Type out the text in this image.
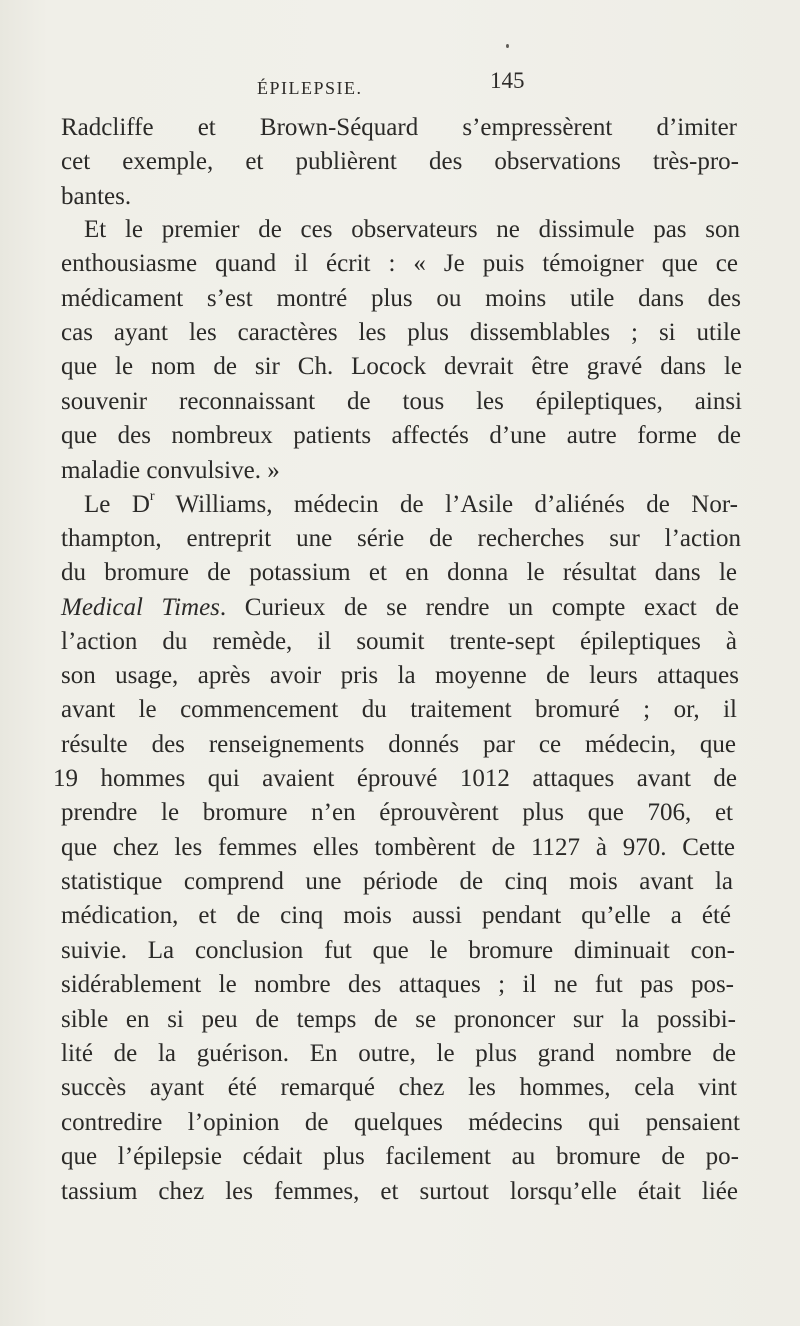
ÉPILEPSIE.	145
Radcliffe et Brown-Séquard s’empressèrent d’imiter
cet exemple, et publièrent des observations très-pro-
bantes.
Et le premier de ces observateurs ne dissimule pas son
enthousiasme quand il écrit : « Je puis témoigner que ce
médicament s’est montré plus ou moins utile dans des
cas ayant les caractères les plus dissemblables ; si utile
que le nom de sir Ch. Locock devrait être gravé dans le
souvenir reconnaissant de tous les épileptiques, ainsi
que des nombreux patients affectés d’une autre forme de
maladie convulsive. »
Le $D^r$ Williams, médecin de l’Asile d’aliénés de Nor-
thampton, entreprit une série de recherches sur l’action
du bromure de potassium et en donna le résultat dans le
Medical Times. Curieux de se rendre un compte exact de
l’action du remède, il soumit trente-sept épileptiques à
son usage, après avoir pris la moyenne de leurs attaques
avant le commencement du traitement bromuré ; or, il
résulte des renseignements donnés par ce médecin, que
19 hommes qui avaient éprouvé 1012 attaques avant de
prendre le bromure n’en éprouvèrent plus que 706, et
que chez les femmes elles tombèrent de 1127 à 970. Cette
statistique comprend une période de cinq mois avant la
médication, et de cinq mois aussi pendant qu’elle a été
suivie. La conclusion fut que le bromure diminuait con-
sidérablement le nombre des attaques ; il ne fut pas pos-
sible en si peu de temps de se prononcer sur la possibi-
lité de la guérison. En outre, le plus grand nombre de
succès ayant été remarqué chez les hommes, cela vint
contredire l’opinion de quelques médecins qui pensaient
que l’épilepsie cédait plus facilement au bromure de po-
tassium chez les femmes, et surtout lorsqu’elle était liée
